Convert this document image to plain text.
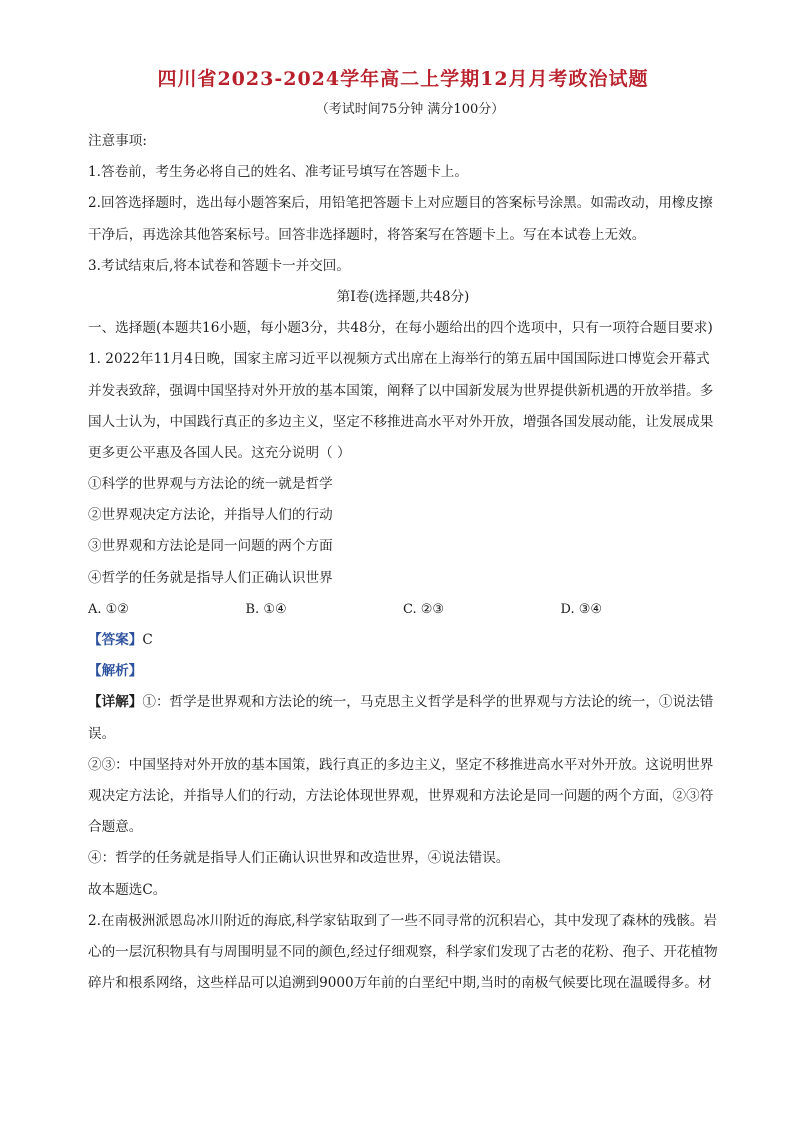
四川省2023-2024学年高二上学期12月月考政治试题
（考试时间75分钟 满分100分）
注意事项:
1.答卷前，考生务必将自己的姓名、准考证号填写在答题卡上。
2.回答选择题时，选出每小题答案后，用铅笔把答题卡上对应题目的答案标号涂黑。如需改动，用橡皮擦
干净后，再选涂其他答案标号。回答非选择题时，将答案写在答题卡上。写在本试卷上无效。
3.考试结束后,将本试卷和答题卡一并交回。
第Ⅰ卷(选择题,共48分)
一、选择题(本题共16小题，每小题3分，共48分，在每小题给出的四个选项中，只有一项符合题目要求)
1. 2022年11月4日晚，国家主席习近平以视频方式出席在上海举行的第五届中国国际进口博览会开幕式
并发表致辞，强调中国坚持对外开放的基本国策，阐释了以中国新发展为世界提供新机遇的开放举措。多
国人士认为，中国践行真正的多边主义，坚定不移推进高水平对外开放，增强各国发展动能，让发展成果
更多更公平惠及各国人民。这充分说明（ ）
①科学的世界观与方法论的统一就是哲学
②世界观决定方法论，并指导人们的行动
③世界观和方法论是同一问题的两个方面
④哲学的任务就是指导人们正确认识世界
A. ①②	B. ①④	C. ②③	D. ③④
【答案】C
【解析】
【详解】①：哲学是世界观和方法论的统一，马克思主义哲学是科学的世界观与方法论的统一，①说法错
误。
②③：中国坚持对外开放的基本国策，践行真正的多边主义，坚定不移推进高水平对外开放。这说明世界
观决定方法论，并指导人们的行动，方法论体现世界观，世界观和方法论是同一问题的两个方面，②③符
合题意。
④：哲学的任务就是指导人们正确认识世界和改造世界，④说法错误。
故本题选C。
2.在南极洲派恩岛冰川附近的海底,科学家钻取到了一些不同寻常的沉积岩心，其中发现了森林的残骸。岩
心的一层沉积物具有与周围明显不同的颜色,经过仔细观察，科学家们发现了古老的花粉、孢子、开花植物
碎片和根系网络，这些样品可以追溯到9000万年前的白垩纪中期,当时的南极气候要比现在温暖得多。材
